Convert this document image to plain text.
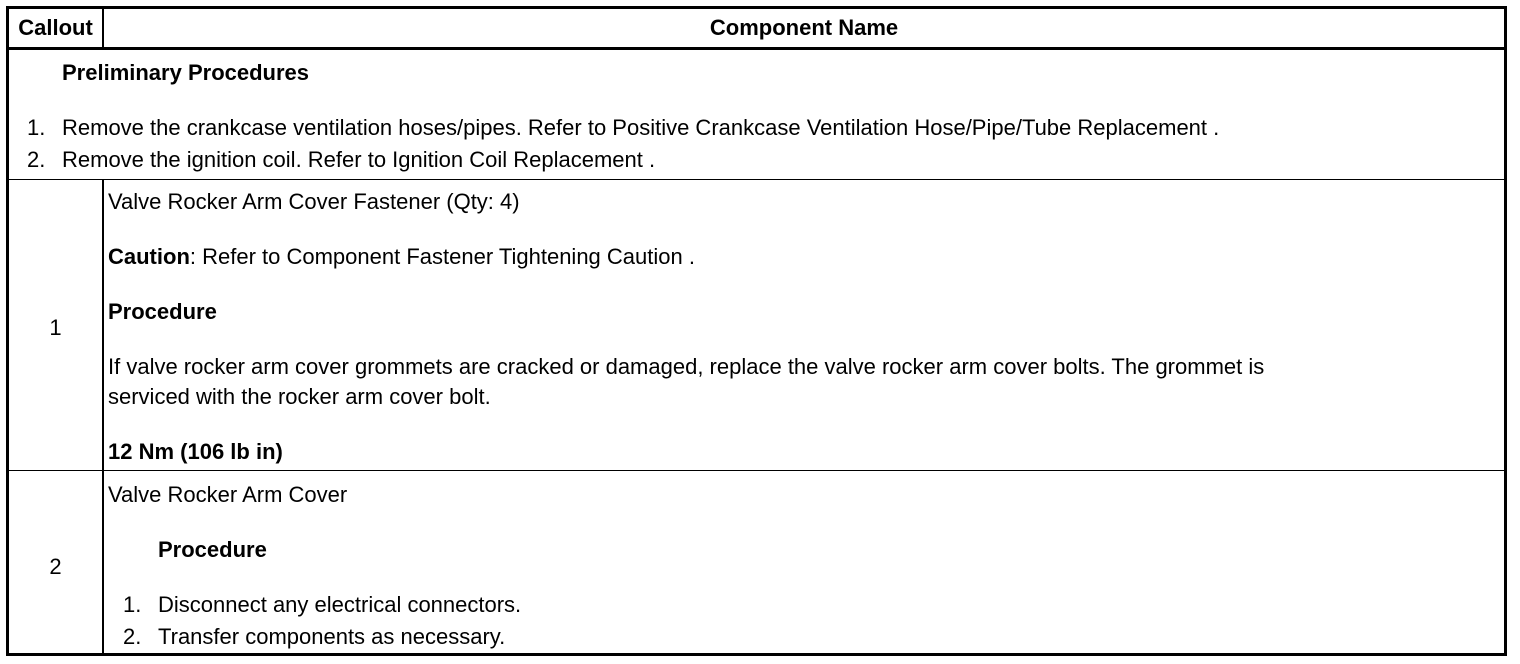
Callout	Component Name
Preliminary Procedures
1. Remove the crankcase ventilation hoses/pipes. Refer to Positive Crankcase Ventilation Hose/Pipe/Tube Replacement .
2. Remove the ignition coil. Refer to Ignition Coil Replacement .
1
Valve Rocker Arm Cover Fastener (Qty: 4)
Caution: Refer to Component Fastener Tightening Caution .
Procedure
If valve rocker arm cover grommets are cracked or damaged, replace the valve rocker arm cover bolts. The grommet is
serviced with the rocker arm cover bolt.
12 Nm (106 lb in)
2
Valve Rocker Arm Cover
Procedure
1. Disconnect any electrical connectors.
2. Transfer components as necessary.
